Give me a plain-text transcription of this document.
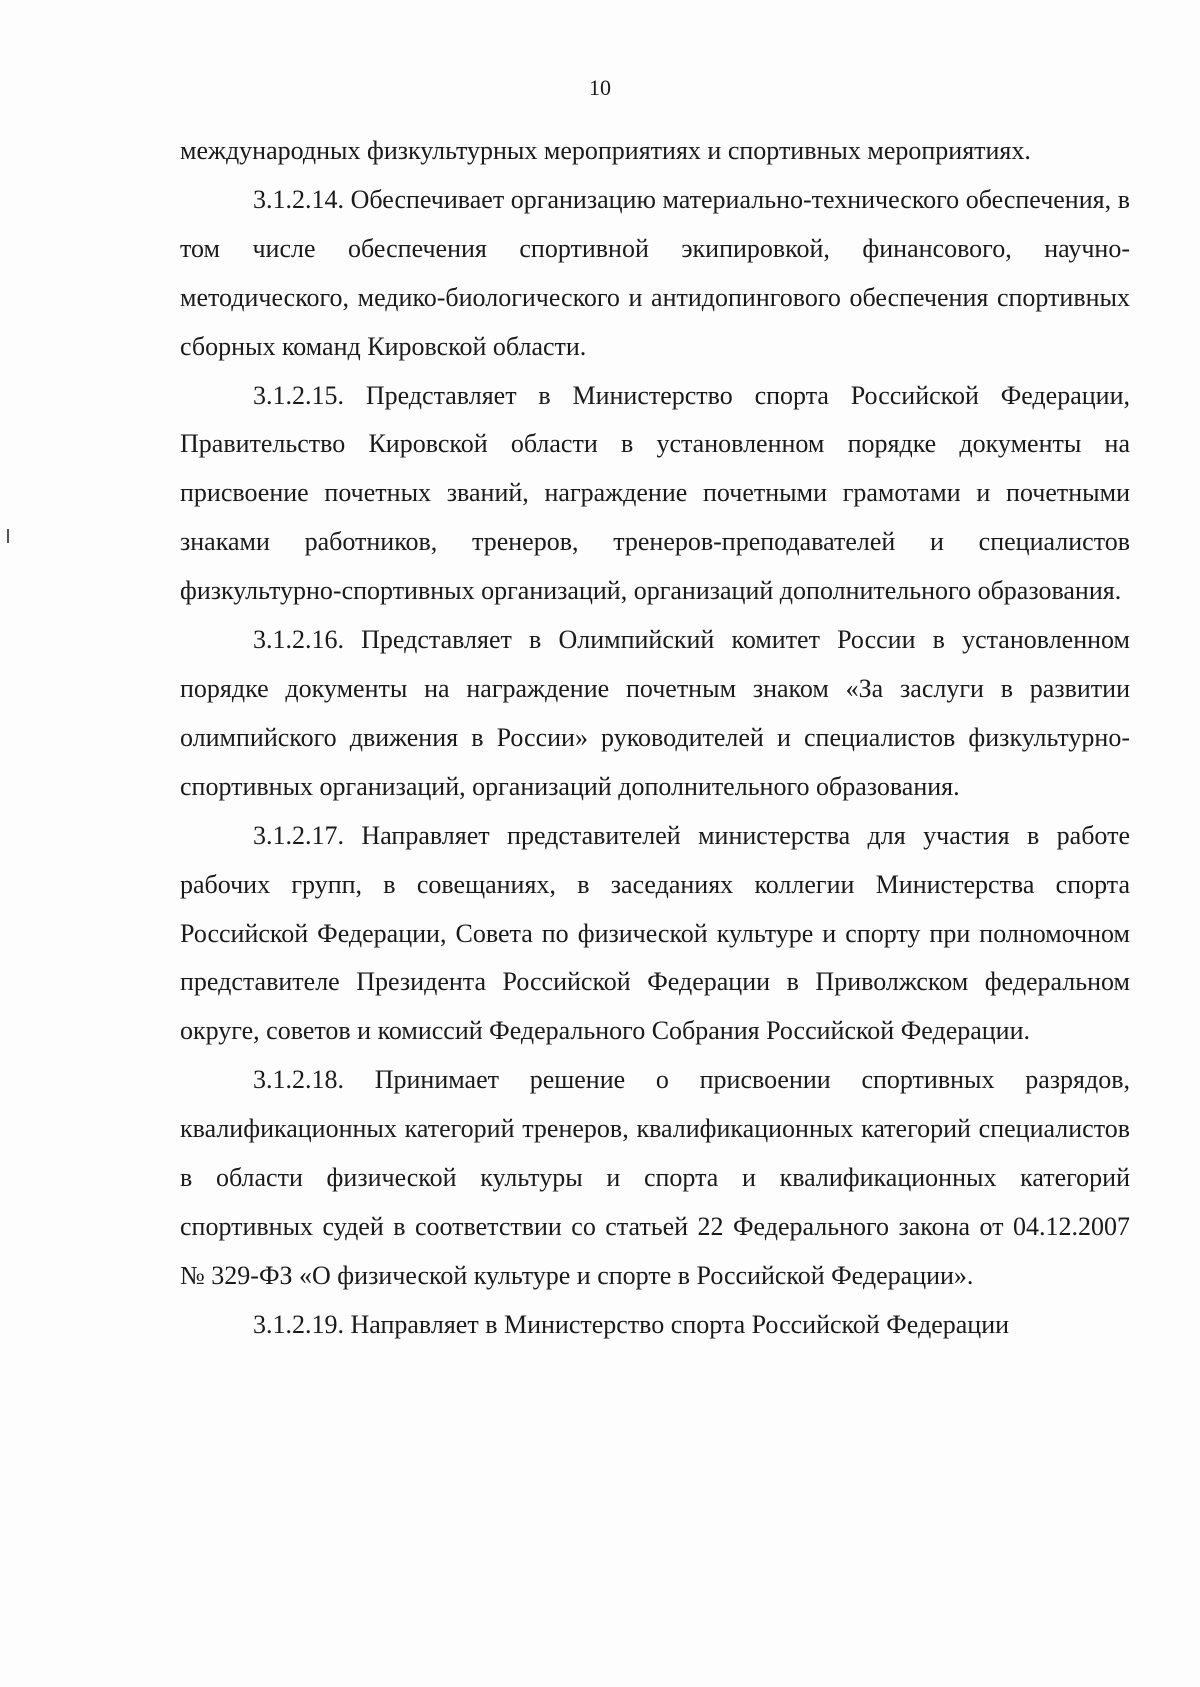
10

международных физкультурных мероприятиях и спортивных мероприятиях.

3.1.2.14. Обеспечивает организацию материально-технического обеспечения, в том числе обеспечения спортивной экипировкой, финансового, научно-методического, медико-биологического и антидопингового обеспечения спортивных сборных команд Кировской области.

3.1.2.15. Представляет в Министерство спорта Российской Федерации, Правительство Кировской области в установленном порядке документы на присвоение почетных званий, награждение почетными грамотами и почетными знаками работников, тренеров, тренеров-преподавателей и специалистов физкультурно-спортивных организаций, организаций дополнительного образования.

3.1.2.16. Представляет в Олимпийский комитет России в установленном порядке документы на награждение почетным знаком «За заслуги в развитии олимпийского движения в России» руководителей и специалистов физкультурно-спортивных организаций, организаций дополнительного образования.

3.1.2.17. Направляет представителей министерства для участия в работе рабочих групп, в совещаниях, в заседаниях коллегии Министерства спорта Российской Федерации, Совета по физической культуре и спорту при полномочном представителе Президента Российской Федерации в Приволжском федеральном округе, советов и комиссий Федерального Собрания Российской Федерации.

3.1.2.18. Принимает решение о присвоении спортивных разрядов, квалификационных категорий тренеров, квалификационных категорий специалистов в области физической культуры и спорта и квалификационных категорий спортивных судей в соответствии со статьей 22 Федерального закона от 04.12.2007 № 329-ФЗ «О физической культуре и спорте в Российской Федерации».

3.1.2.19. Направляет в Министерство спорта Российской Федерации
